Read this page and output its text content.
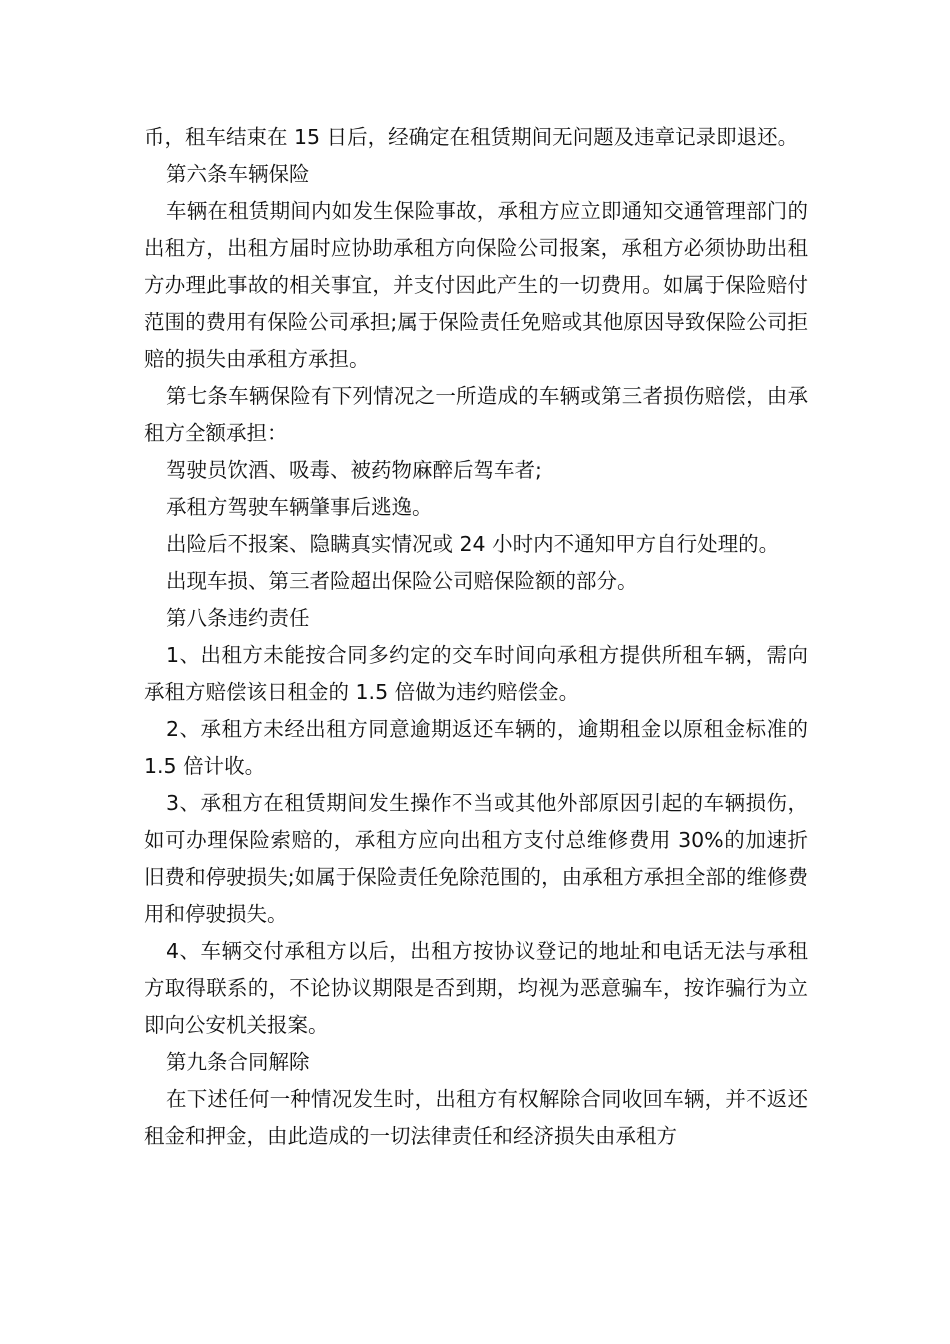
币，租车结束在 15 日后，经确定在租赁期间无问题及违章记录即退还。

第六条车辆保险

车辆在租赁期间内如发生保险事故，承租方应立即通知交通管理部门的出租方，出租方届时应协助承租方向保险公司报案，承租方必须协助出租方办理此事故的相关事宜，并支付因此产生的一切费用。如属于保险赔付范围的费用有保险公司承担;属于保险责任免赔或其他原因导致保险公司拒赔的损失由承租方承担。

第七条车辆保险有下列情况之一所造成的车辆或第三者损伤赔偿，由承租方全额承担：

驾驶员饮酒、吸毒、被药物麻醉后驾车者;

承租方驾驶车辆肇事后逃逸。

出险后不报案、隐瞒真实情况或 24 小时内不通知甲方自行处理的。

出现车损、第三者险超出保险公司赔保险额的部分。

第八条违约责任

1、出租方未能按合同多约定的交车时间向承租方提供所租车辆，需向承租方赔偿该日租金的 1.5 倍做为违约赔偿金。

2、承租方未经出租方同意逾期返还车辆的，逾期租金以原租金标准的 1.5 倍计收。

3、承租方在租赁期间发生操作不当或其他外部原因引起的车辆损伤，如可办理保险索赔的，承租方应向出租方支付总维修费用 30%的加速折旧费和停驶损失;如属于保险责任免除范围的，由承租方承担全部的维修费用和停驶损失。

4、车辆交付承租方以后，出租方按协议登记的地址和电话无法与承租方取得联系的，不论协议期限是否到期，均视为恶意骗车，按诈骗行为立即向公安机关报案。

第九条合同解除

在下述任何一种情况发生时，出租方有权解除合同收回车辆，并不返还租金和押金，由此造成的一切法律责任和经济损失由承租方
